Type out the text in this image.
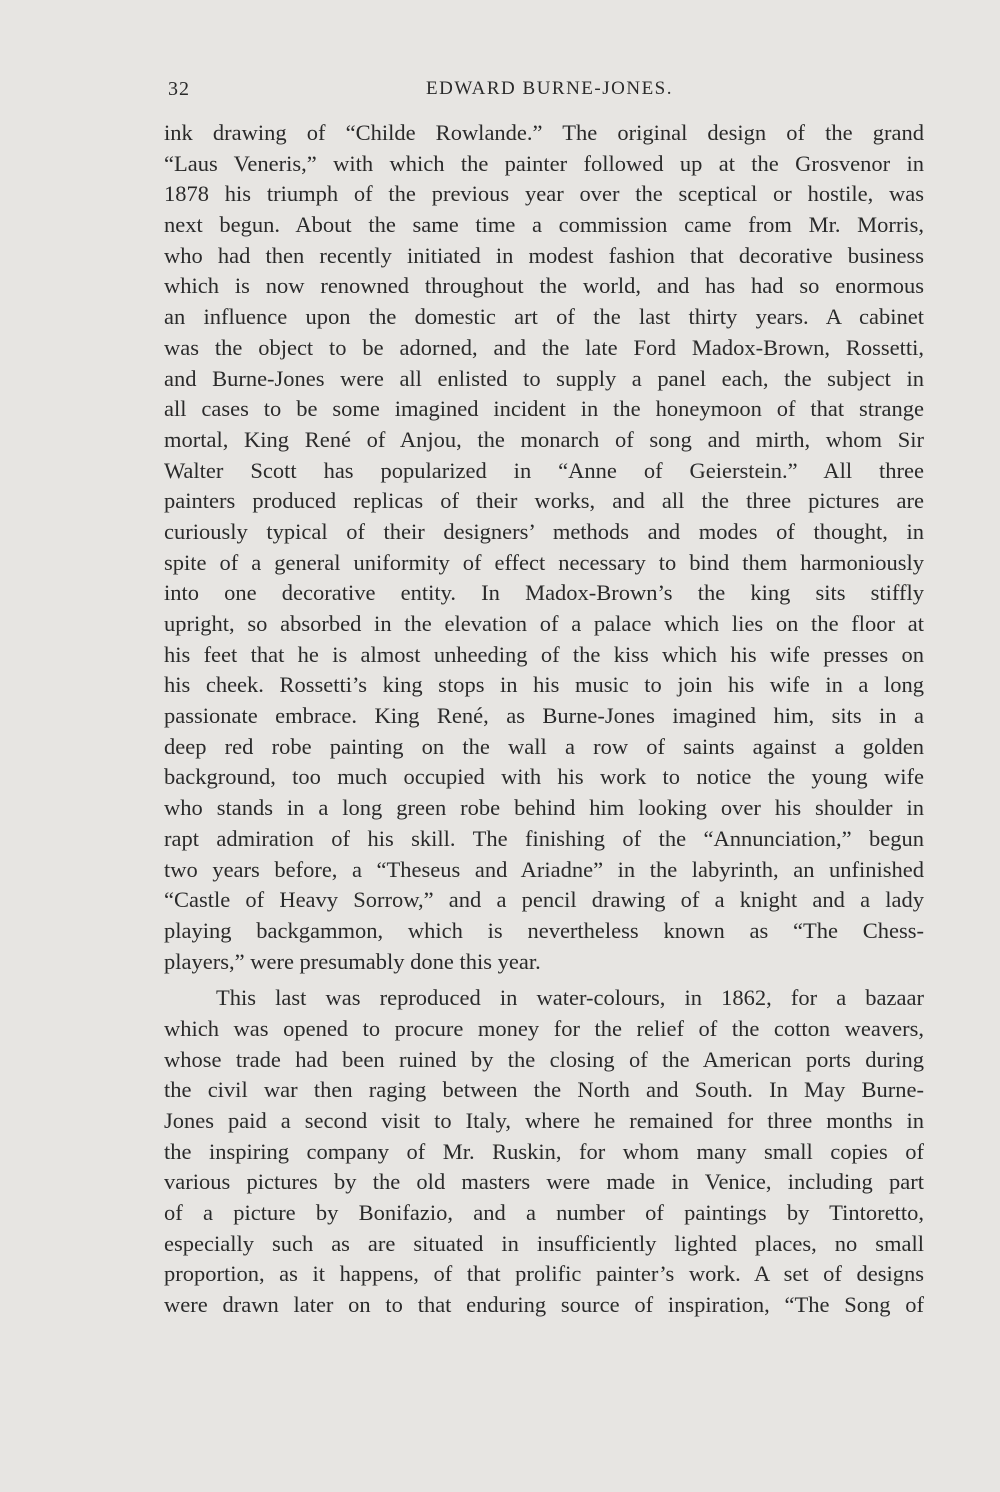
32	EDWARD BURNE-JONES.
ink drawing of “Childe Rowlande.” The original design of the grand
“Laus Veneris,” with which the painter followed up at the Grosvenor in
1878 his triumph of the previous year over the sceptical or hostile, was
next begun. About the same time a commission came from Mr. Morris,
who had then recently initiated in modest fashion that decorative business
which is now renowned throughout the world, and has had so enormous
an influence upon the domestic art of the last thirty years. A cabinet
was the object to be adorned, and the late Ford Madox-Brown, Rossetti,
and Burne-Jones were all enlisted to supply a panel each, the subject in
all cases to be some imagined incident in the honeymoon of that strange
mortal, King René of Anjou, the monarch of song and mirth, whom Sir
Walter Scott has popularized in “Anne of Geierstein.” All three
painters produced replicas of their works, and all the three pictures are
curiously typical of their designers’ methods and modes of thought, in
spite of a general uniformity of effect necessary to bind them harmoniously
into one decorative entity. In Madox-Brown’s the king sits stiffly
upright, so absorbed in the elevation of a palace which lies on the floor at
his feet that he is almost unheeding of the kiss which his wife presses on
his cheek. Rossetti’s king stops in his music to join his wife in a long
passionate embrace. King René, as Burne-Jones imagined him, sits in a
deep red robe painting on the wall a row of saints against a golden
background, too much occupied with his work to notice the young wife
who stands in a long green robe behind him looking over his shoulder in
rapt admiration of his skill. The finishing of the “Annunciation,” begun
two years before, a “Theseus and Ariadne” in the labyrinth, an unfinished
“Castle of Heavy Sorrow,” and a pencil drawing of a knight and a lady
playing backgammon, which is nevertheless known as “The Chess-
players,” were presumably done this year.
This last was reproduced in water-colours, in 1862, for a bazaar
which was opened to procure money for the relief of the cotton weavers,
whose trade had been ruined by the closing of the American ports during
the civil war then raging between the North and South. In May Burne-
Jones paid a second visit to Italy, where he remained for three months in
the inspiring company of Mr. Ruskin, for whom many small copies of
various pictures by the old masters were made in Venice, including part
of a picture by Bonifazio, and a number of paintings by Tintoretto,
especially such as are situated in insufficiently lighted places, no small
proportion, as it happens, of that prolific painter’s work. A set of designs
were drawn later on to that enduring source of inspiration, “The Song of
